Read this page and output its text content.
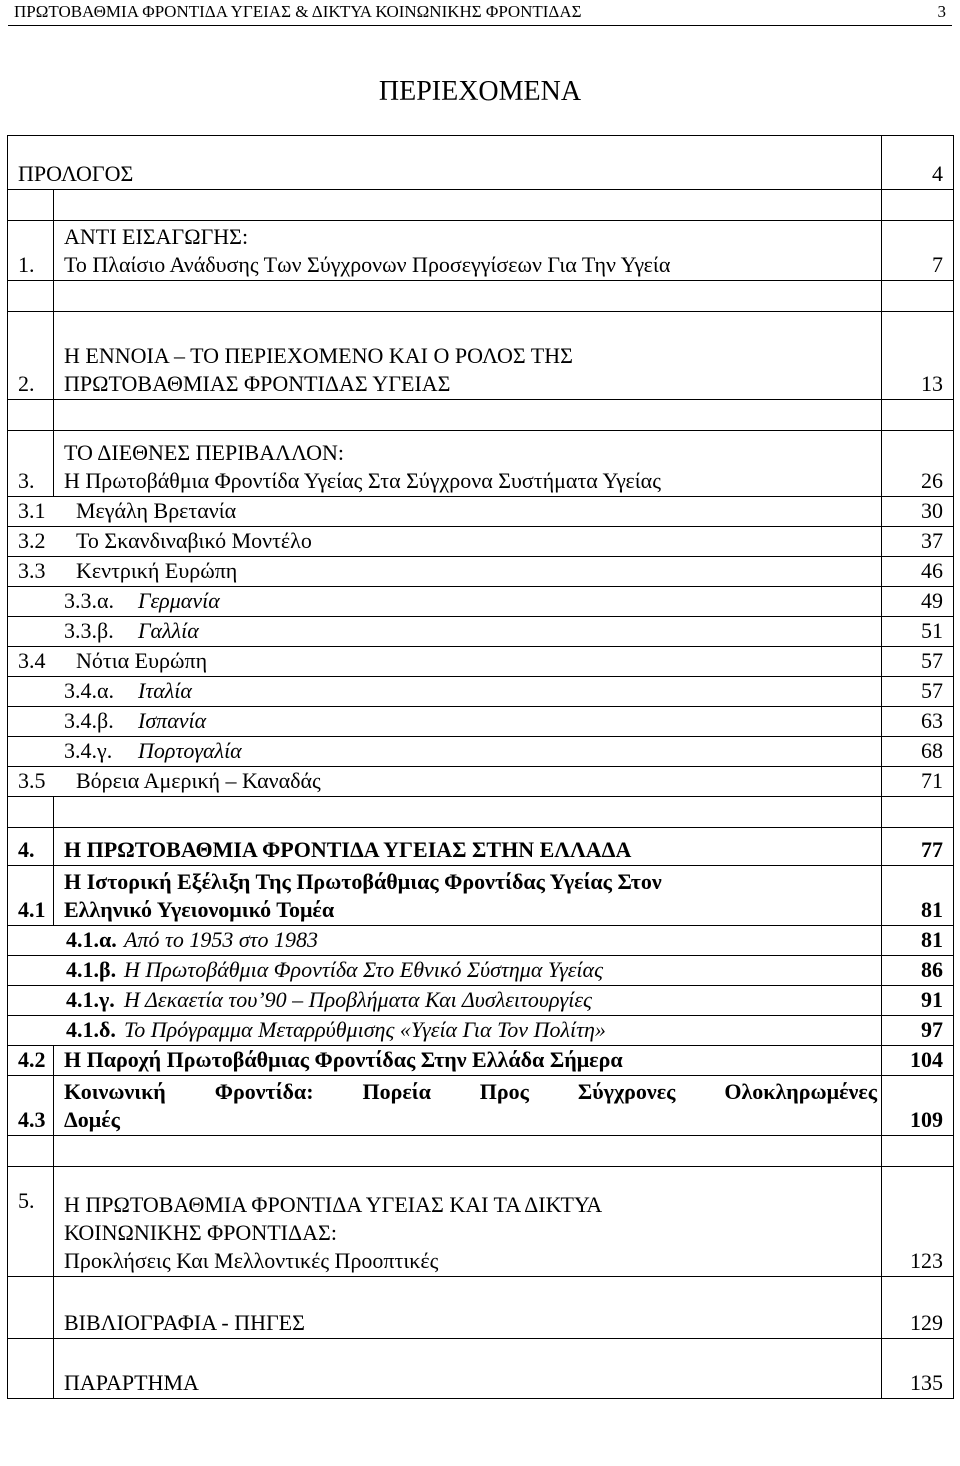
ΠΡΩΤΟΒΑΘΜΙΑ ΦΡΟΝΤΙΔΑ ΥΓΕΙΑΣ & ΔΙΚΤΥΑ ΚΟΙΝΩΝΙΚΗΣ ΦΡΟΝΤΙΔΑΣ	3
ΠΕΡΙΕΧΟΜΕΝΑ
ΠΡΟΛΟΓΟΣ		4

1.	ΑΝΤΙ ΕΙΣΑΓΩΓΗΣ:
Το Πλαίσιο Ανάδυσης Των Σύγχρονων Προσεγγίσεων Για Την Υγεία	7

2.	Η ΕΝΝΟΙΑ – ΤΟ ΠΕΡΙΕΧΟΜΕΝΟ ΚΑΙ Ο ΡΟΛΟΣ ΤΗΣ
ΠΡΩΤΟΒΑΘΜΙΑΣ ΦΡΟΝΤΙΔΑΣ ΥΓΕΙΑΣ	13

3.	ΤΟ ΔΙΕΘΝΕΣ ΠΕΡΙΒΑΛΛΟΝ:
Η Πρωτοβάθμια Φροντίδα Υγείας Στα Σύγχρονα Συστήματα Υγείας	26
3.1 Μεγάλη Βρετανία		30
3.2 Το Σκανδιναβικό Μοντέλο		37
3.3 Κεντρική Ευρώπη		46
3.3.α. Γερμανία		49
3.3.β. Γαλλία		51
3.4 Νότια Ευρώπη		57
3.4.α. Ιταλία		57
3.4.β. Ισπανία		63
3.4.γ. Πορτογαλία		68
3.5 Βόρεια Αμερική – Καναδάς		71

4.	Η ΠΡΩΤΟΒΑΘΜΙΑ ΦΡΟΝΤΙΔΑ ΥΓΕΙΑΣ ΣΤΗΝ ΕΛΛΑΔΑ	77
4.1	Η Ιστορική Εξέλιξη Της Πρωτοβάθμιας Φροντίδας Υγείας Στον
Ελληνικό Υγειονομικό Τομέα	81
4.1.α. Από το 1953 στο 1983		81
4.1.β. Η Πρωτοβάθμια Φροντίδα Στο Εθνικό Σύστημα Υγείας		86
4.1.γ. Η Δεκαετία του’90 – Προβλήματα Και Δυσλειτουργίες		91
4.1.δ. Το Πρόγραμμα Μεταρρύθμισης «Υγεία Για Τον Πολίτη»		97
4.2	Η Παροχή Πρωτοβάθμιας Φροντίδας Στην Ελλάδα Σήμερα	104
4.3	Κοινωνική Φροντίδα: Πορεία Προς Σύγχρονες Ολοκληρωμένες
Δομές	109

5.	Η ΠΡΩΤΟΒΑΘΜΙΑ ΦΡΟΝΤΙΔΑ ΥΓΕΙΑΣ ΚΑΙ ΤΑ ΔΙΚΤΥΑ
ΚΟΙΝΩΝΙΚΗΣ ΦΡΟΝΤΙΔΑΣ:
Προκλήσεις Και Μελλοντικές Προοπτικές	123
	ΒΙΒΛΙΟΓΡΑΦΙΑ - ΠΗΓΕΣ	129
	ΠΑΡΑΡΤΗΜΑ	135
